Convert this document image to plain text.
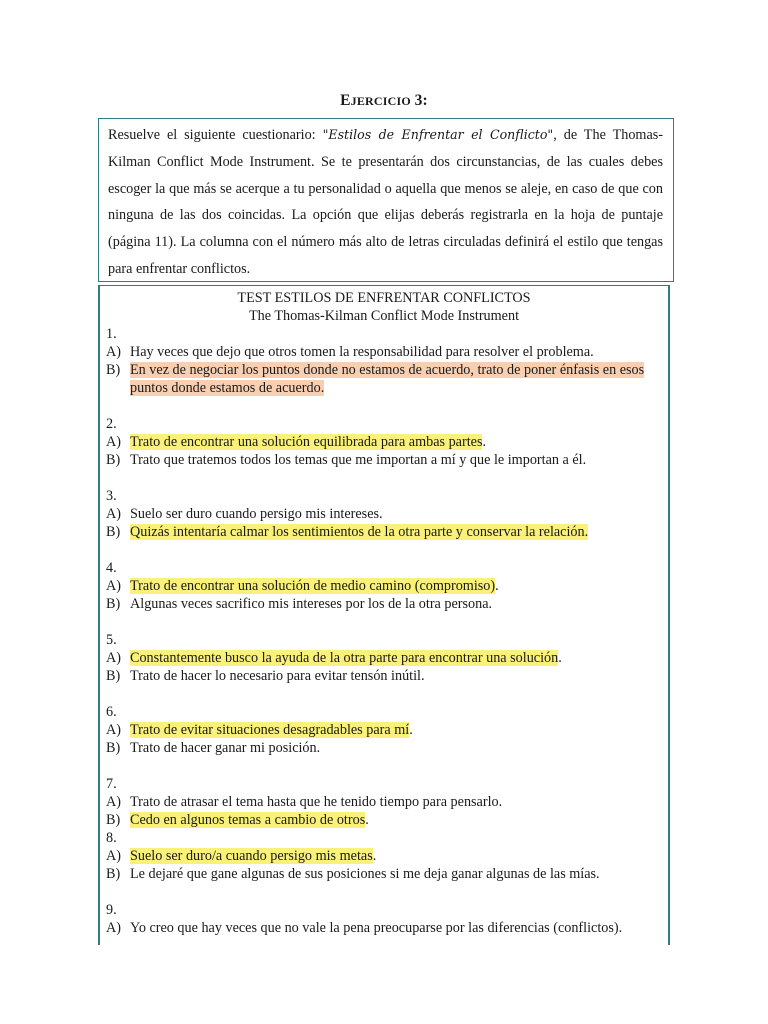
EJERCICIO 3:
Resuelve el siguiente cuestionario: "Estilos de Enfrentar el Conflicto", de The Thomas-Kilman Conflict Mode Instrument. Se te presentarán dos circunstancias, de las cuales debes escoger la que más se acerque a tu personalidad o aquella que menos se aleje, en caso de que con ninguna de las dos coincidas. La opción que elijas deberás registrarla en la hoja de puntaje (página 11). La columna con el número más alto de letras circuladas definirá el estilo que tengas para enfrentar conflictos.
TEST ESTILOS DE ENFRENTAR CONFLICTOS
The Thomas-Kilman Conflict Mode Instrument
1.
A) Hay veces que dejo que otros tomen la responsabilidad para resolver el problema.
B) En vez de negociar los puntos donde no estamos de acuerdo, trato de poner énfasis en esos puntos donde estamos de acuerdo.
2.
A) Trato de encontrar una solución equilibrada para ambas partes.
B) Trato que tratemos todos los temas que me importan a mí y que le importan a él.
3.
A) Suelo ser duro cuando persigo mis intereses.
B) Quizás intentaría calmar los sentimientos de la otra parte y conservar la relación.
4.
A) Trato de encontrar una solución de medio camino (compromiso).
B) Algunas veces sacrifico mis intereses por los de la otra persona.
5.
A) Constantemente busco la ayuda de la otra parte para encontrar una solución.
B) Trato de hacer lo necesario para evitar tensón inútil.
6.
A) Trato de evitar situaciones desagradables para mí.
B) Trato de hacer ganar mi posición.
7.
A) Trato de atrasar el tema hasta que he tenido tiempo para pensarlo.
B) Cedo en algunos temas a cambio de otros.
8.
A) Suelo ser duro/a cuando persigo mis metas.
B) Le dejaré que gane algunas de sus posiciones si me deja ganar algunas de las mías.
9.
A) Yo creo que hay veces que no vale la pena preocuparse por las diferencias (conflictos).
